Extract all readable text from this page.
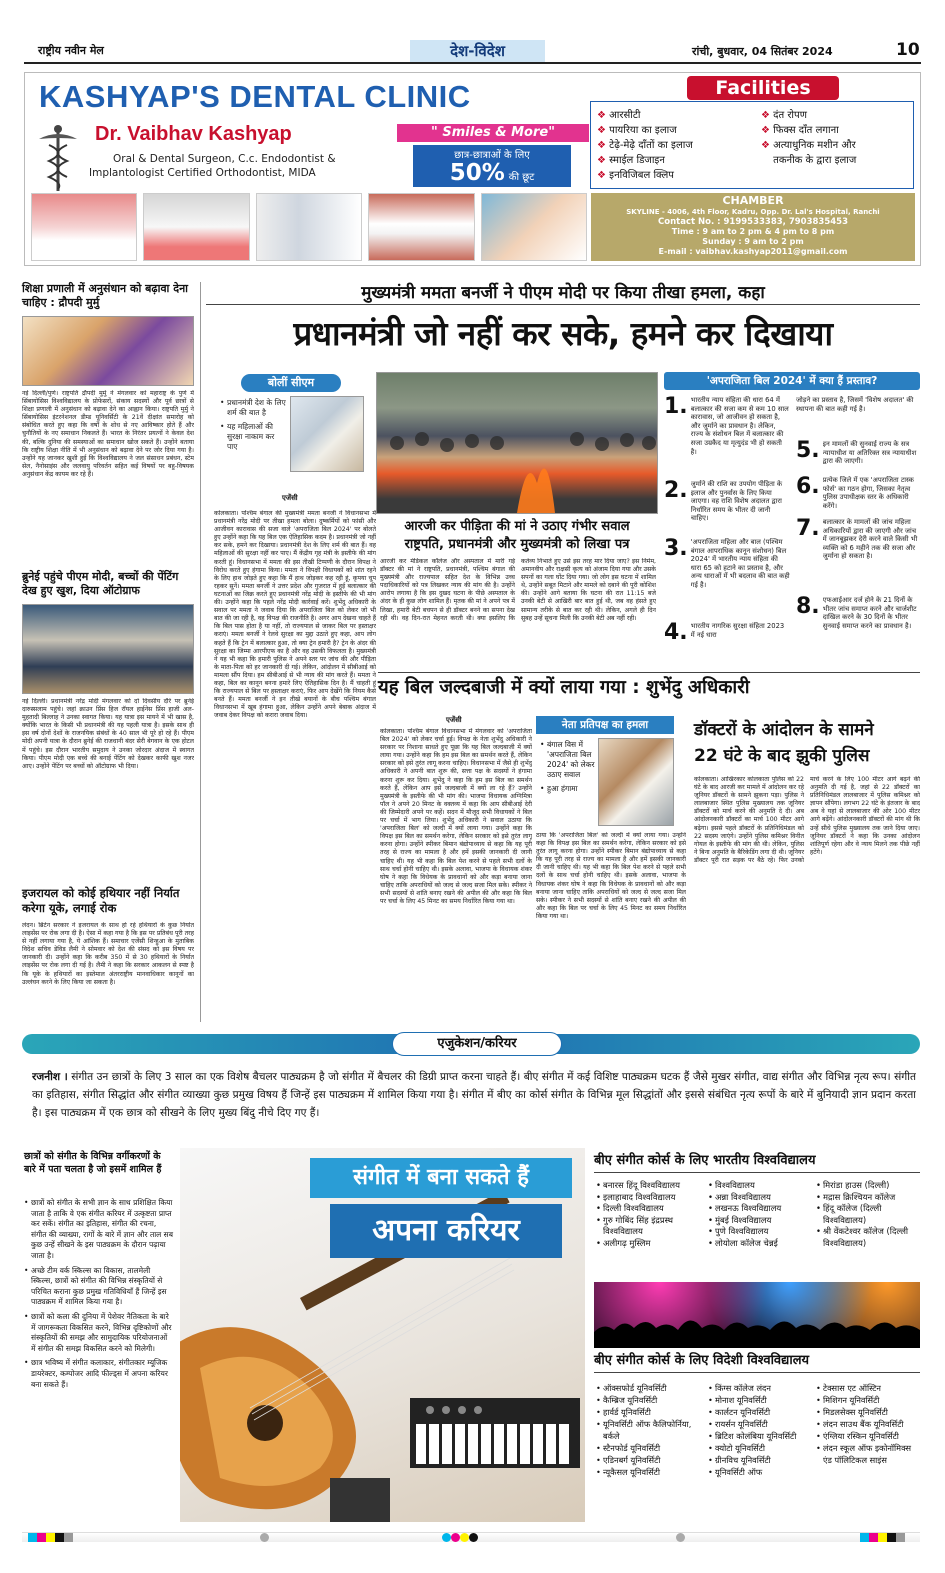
राष्ट्रीय नवीन मेल	देश-विदेश	रांची, बुधवार, 04 सितंबर 2024	10
KASHYAP'S DENTAL CLINIC
Dr. Vaibhav Kashyap
Oral & Dental Surgeon, C.c. Endodontist &
Implantologist Certified Orthodontist, MIDA
" Smiles & More"
छात्र-छात्राओं के लिए
50% की छूट
Facilities
❖ आरसीटी
❖ पायरिया का इलाज
❖ टेढ़े-मेढ़े दाँतों का इलाज
❖ स्माईल डिजाइन
❖ इनविजिबल क्लिप
❖ दंत रोपण
❖ फिक्स दाँत लगाना
❖ अत्याधुनिक मशीन और
❖ तकनीक के द्वारा इलाज
CHAMBER
SKYLINE - 4006, 4th Floor, Kadru, Opp. Dr. Lal's Hospital, Ranchi
Contact No. : 9199533383, 7903835453
Time : 9 am to 2 pm & 4 pm to 8 pm
Sunday : 9 am to 2 pm
E-mail : vaibhav.kashyap2011@gmail.com
शिक्षा प्रणाली में अनुसंधान को बढ़ावा देना चाहिए : द्रौपदी मुर्मु
नई दिल्ली/पुणे। राष्ट्रपति द्रौपदी मुर्मु ने मंगलवार को महाराष्ट्र के पुणे में सिंबायोसिस विश्वविद्यालय के प्रोफेसरों, संकाय सदस्यों और पूर्व छात्रों से शिक्षा प्रणाली में अनुसंधान को बढ़ावा देने का आह्वान किया। राष्ट्रपति मुर्मु ने सिंबायोसिस इंटरनेशनल डीम्ड यूनिवर्सिटी के 21वें दीक्षांत समारोह को संबोधित करते हुए कहा कि वर्षों के शोध से नए आविष्कार होते हैं और चुनौतियों के नए समाधान निकलते हैं। भारत के निरंतर प्रयत्नों ने केवल देश की, बल्कि दुनिया की समस्याओं का समाधान खोज सकते हैं। उन्होंने बताया कि राष्ट्रीय शिक्षा नीति में भी अनुसंधान को बढ़ावा देने पर जोर दिया गया है। उन्होंने यह जानकर खुशी हुई कि विश्वविद्यालय ने जल संसाधन प्रबंधन, स्टेम सेल, नैनोसाइंस और जलवायु परिवर्तन सहित कई विषयों पर बहु-विषयक अनुसंधान केंद्र कायम कर रहे हैं।
ब्रुनेई पहुंचे पीएम मोदी, बच्चों की पेंटिंग देख हुए खुश, दिया ऑटोग्राफ
नई दिल्ली। प्रधानमंत्री नरेंद्र मोदी मंगलवार को दो दिवसीय दौरे पर ब्रुनेई दारुस्सलाम पहुंचे। जहां क्राउन प्रिंस हिज रॉयल हाईनेस प्रिंस हाजी अल-मुहतादी बिल्लाह ने उनका स्वागत किया। यह यात्रा इस मायने में भी खास है, क्योंकि भारत के किसी भी प्रधानमंत्री की यह पहली यात्रा है। इसके साथ ही इस वर्ष दोनों देशों के राजनयिक संबंधों के 40 साल भी पूरे हो रहे हैं। पीएम मोदी अपनी यात्रा के दौरान ब्रुनेई की राजधानी बंदर सेरी बेगवान के एक होटल में पहुंचे। इस दौरान भारतीय समुदाय ने उनका जोरदार अंदाज में स्वागत किया। पीएम मोदी एक बच्चे की बनाई पेंटिंग को देखकर काफी खुश नजर आए। उन्होंने पेंटिंग पर बच्चों को ऑटोग्राफ भी दिया।
इजरायल को कोई हथियार नहीं निर्यात करेगा यूके, लगाई रोक
लंदन। ब्रिटेन सरकार ने इजरायल के साथ हो रहे हथियारों के कुछ निर्यात लाइसेंस पर रोक लगा दी है। ऐसा में कहा गया है कि इस पर प्रतिबंध पूरी तरह से नहीं लगाया गया है, ये आंशिक हैं। समाचार एजेंसी शिन्हुआ के मुताबिक विदेश सचिव डेविड लैमी ने सोमवार को देश की संसद को इस विषय पर जानकारी दी। उन्होंने कहा कि करीब 350 में से 30 हथियारों के निर्यात लाइसेंस पर रोक लगा दी गई है। लैमी ने कहा कि सरकार आकलन से स्पष्ट है कि यूके के हथियारों का इस्तेमाल अंतरराष्ट्रीय मानवाधिकार कानूनों का उल्लंघन करने के लिए किया जा सकता है।
मुख्यमंत्री ममता बनर्जी ने पीएम मोदी पर किया तीखा हमला, कहा
प्रधानमंत्री जो नहीं कर सके, हमने कर दिखाया
बोलीं सीएम
• प्रधानमंत्री देश के लिए शर्म की बात है
• यह महिलाओं की सुरक्षा नाकाम कर पाए
एजेंसी
कोलकाता। पश्चिम बंगाल की मुख्यमंत्री ममता बनर्जी ने विधानसभा में प्रधानमंत्री नरेंद्र मोदी पर तीखा हमला बोला। दुष्कर्मियों को फांसी और आजीवन कारावास की सजा वाले 'अपराजिता बिल 2024' पर बोलते हुए उन्होंने कहा कि यह बिल एक ऐतिहासिक कदम है। प्रधानमंत्री जो नहीं कर सके, हमने कर दिखाया। प्रधानमंत्री देश के लिए शर्म की बात हैं। वह महिलाओं की सुरक्षा नहीं कर पाए। मैं केंद्रीय गृह मंत्री के इस्तीफे की मांग करती हूं। विधानसभा में ममता की इस तीखी टिप्पणी के दौरान विपक्ष ने विरोध करते हुए हंगामा किया। ममता ने विपक्षी विधायकों को शांत रहने के लिए हाथ जोड़ते हुए कहा कि मैं हाथ जोड़कर कह रही हूं, कृपया चुप रहकर सुनें। ममता बनर्जी ने उत्तर प्रदेश और गुजरात में हुई बलात्कार की घटनाओं का जिक्र करते हुए प्रधानमंत्री नरेंद्र मोदी के इस्तीफे की भी मांग की। उन्होंने कहा कि पहले नरेंद्र मोदी कार्रवाई करें। शुभेंदु अधिकारी के सवाल पर ममता ने जवाब दिया कि अपराजिता बिल को लेकर जो भी बात की जा रही है, वह विपक्ष की राजनीति है। अगर आप देखना चाहते हैं कि बिल पास होता है या नहीं, तो राज्यपाल से जाकर बिल पर हस्ताक्षर कराएं। ममता बनर्जी ने रेलवे सुरक्षा का मुद्दा उठाते हुए कहा, आप लोग कहते हैं कि ट्रेन में बलात्कार हुआ, तो क्या ट्रेन हमारी है? ट्रेन के अंदर की सुरक्षा का जिम्मा आरपीएफ का है और वह उसकी विफलता है। मुख्यमंत्री ने यह भी कहा कि हमारी पुलिस ने अपने स्तर पर जांच की और पीड़िता के माता-पिता को हर जानकारी दी गई। लेकिन, आंदोलन में सीबीआई को मामला सौंप दिया। हम सीबीआई से भी न्याय की मांग करते हैं। ममता ने कहा, बिल का कानून बनना हमारे लिए ऐतिहासिक दिन है। मैं चाहती हूं कि राज्यपाल से बिल पर हस्ताक्षर कराएं, फिर आप देखेंगे कि नियम कैसे बनते हैं। ममता बनर्जी ने इन तीखे बयानों के बीच पश्चिम बंगाल विधानसभा में खूब हंगामा हुआ, लेकिन उन्होंने अपने बेबाक अंदाज में जवाब देकर विपक्ष को करारा जवाब दिया।
आरजी कर पीड़िता की मां ने उठाए गंभीर सवाल
राष्ट्रपति, प्रधानमंत्री और मुख्यमंत्री को लिखा पत्र
आरजी कर मेडिकल कॉलेज और अस्पताल में मारी गई डॉक्टर की मां ने राष्ट्रपति, प्रधानमंत्री, पश्चिम बंगाल की मुख्यमंत्री और राज्यपाल सहित देश के विभिन्न उच्च पदाधिकारियों को पत्र लिखकर न्याय की मांग की है। उन्होंने आरोप लगाया है कि इस दुखद घटना के पीछे अस्पताल के अंदर के ही कुछ लोग शामिल हैं। मृतक की मां ने अपने पत्र में लिखा, हमारी बेटी बचपन से ही डॉक्टर बनने का सपना देख रही थी। वह दिन-रात मेहनत करती थी। क्या इसलिए कि कर्तव्य निभाते हुए उसे इस तरह मार दिया जाए? इस निर्मम, अमानवीय और राक्षसी कृत्य को अंजाम दिया गया और उसके सपनों का गला घोंट दिया गया। जो लोग इस घटना में शामिल थे, उन्होंने सबूत मिटाने और मामले को दबाने की पूरी कोशिश की। उन्होंने आगे बताया कि घटना की रात 11:15 बजे उनकी बेटी से आखिरी बार बात हुई थी, जब वह हंसते हुए सामान्य तरीके से बात कर रही थी। लेकिन, अगले ही दिन सुबह उन्हें सूचना मिली कि उनकी बेटी अब नहीं रही।
'अपराजिता बिल 2024' में क्या हैं प्रस्ताव?
1. भारतीय न्याय संहिता की धारा 64 में बलात्कार की सजा कम से कम 10 साल कारावास, जो आजीवन हो सकता है, और जुर्माने का प्रावधान है। लेकिन, राज्य के संशोधन बिल में बलात्कार की सजा उम्रकैद या मृत्युदंड भी हो सकती है।
2. जुर्माने की राशि का उपयोग पीड़िता के इलाज और पुनर्वास के लिए किया जाएगा। वह राशि विशेष अदालत द्वारा निर्धारित समय के भीतर दी जानी चाहिए।
3. 'अपराजिता महिला और बाल (पश्चिम बंगाल आपराधिक कानून संशोधन) बिल 2024' में भारतीय न्याय संहिता की धारा 65 को हटाने का प्रस्ताव है, और अन्य धाराओं में भी बदलाव की बात कही गई है।
4. भारतीय नागरिक सुरक्षा संहिता 2023 में नई धारा
जोड़ने का प्रस्ताव है, जिसमें 'विशेष अदालत' की स्थापना की बात कही गई है।
5. इन मामलों की सुनवाई राज्य के सत्र न्यायाधीश या अतिरिक्त सत्र न्यायाधीश द्वारा की जाएगी।
6. प्रत्येक जिले में एक 'अपराजिता टास्क फोर्स' का गठन होगा, जिसका नेतृत्व पुलिस उपाधीक्षक स्तर के अधिकारी करेंगे।
7. बलात्कार के मामलों की जांच महिला अधिकारियों द्वारा की जाएगी और जांच में जानबूझकर देरी करने वाले किसी भी व्यक्ति को 6 महीने तक की सजा और जुर्माना हो सकता है।
8. एफआईआर दर्ज होने के 21 दिनों के भीतर जांच समाप्त करने और चार्जशीट दाखिल करने के 30 दिनों के भीतर सुनवाई समाप्त करने का प्रावधान है।
यह बिल जल्दबाजी में क्यों लाया गया : शुभेंदु अधिकारी
एजेंसी
कोलकाता। पश्चिम बंगाल विधानसभा में मंगलवार को 'अपराजिता बिल 2024' को लेकर चर्चा हुई। विपक्ष के नेता शुभेंदु अधिकारी ने सरकार पर निशाना साधते हुए पूछा कि यह बिल जल्दबाजी में क्यों लाया गया। उन्होंने कहा कि हम इस बिल का समर्थन करते हैं, लेकिन सरकार को इसे तुरंत लागू करना चाहिए। विधानसभा में जैसे ही शुभेंदु अधिकारी ने अपनी बात शुरू की, सत्ता पक्ष के सदस्यों ने हंगामा करना शुरू कर दिया। शुभेंदु ने कहा कि हम इस बिल का समर्थन करते हैं, लेकिन आप इसे जल्दबाजी में क्यों ला रहे हैं? उन्होंने मुख्यमंत्री के इस्तीफे की भी मांग की। भाजपा विधायक अग्निमित्रा पॉल ने अपने 20 मिनट के वक्तव्य में कहा कि आप सीबीआई देरी की जिम्मेदारी अपने पर कहें। सदन में मौजूद सभी विधायकों ने बिल पर चर्चा में भाग लिया। शुभेंदु अधिकारी ने सवाल उठाया कि 'अपराजिता बिल' को जल्दी में क्यों लाया गया। उन्होंने कहा कि विपक्ष इस बिल का समर्थन करेगा, लेकिन सरकार को इसे तुरंत लागू करना होगा। उन्होंने स्पीकर बिमान बंद्योपाध्याय से कहा कि यह पूरी तरह से राज्य का मामला है और हमें इसकी जानकारी दी जानी चाहिए थी। यह भी कहा कि बिल पेश करने से पहले सभी दलों के साथ चर्चा होनी चाहिए थी। इसके अलावा, भाजपा के विधायक शंकर घोष ने कहा कि विधेयक के प्रावधानों को और कड़ा बनाया जाना चाहिए ताकि अपराधियों को जल्द से जल्द सजा मिल सके। स्पीकर ने सभी सदस्यों से शांति बनाए रखने की अपील की और कहा कि बिल पर चर्चा के लिए 45 मिनट का समय निर्धारित किया गया था।
नेता प्रतिपक्ष का हमला
• बंगाल विस में 'अपराजिता बिल 2024' को लेकर उठाए सवाल
• हुआ हंगामा
ठाया कि 'अपराजिता बिल' को जल्दी में क्यों लाया गया। उन्होंने कहा कि विपक्ष इस बिल का समर्थन करेगा, लेकिन सरकार को इसे तुरंत लागू करना होगा। उन्होंने स्पीकर बिमान बंद्योपाध्याय से कहा कि यह पूरी तरह से राज्य का मामला है और हमें इसकी जानकारी दी जानी चाहिए थी। यह भी कहा कि बिल पेश करने से पहले सभी दलों के साथ चर्चा होनी चाहिए थी। इसके अलावा, भाजपा के विधायक शंकर घोष ने कहा कि विधेयक के प्रावधानों को और कड़ा बनाया जाना चाहिए ताकि अपराधियों को जल्द से जल्द सजा मिल सके। स्पीकर ने सभी सदस्यों से शांति बनाए रखने की अपील की और कहा कि बिल पर चर्चा के लिए 45 मिनट का समय निर्धारित किया गया था।
डॉक्टरों के आंदोलन के सामने
22 घंटे के बाद झुकी पुलिस
कोलकाता। आखिरकार कोलकाता पुलिस को 22 घंटे के बाद आरजी कर मामले में आंदोलन कर रहे जूनियर डॉक्टरों के सामने झुकना पड़ा। पुलिस ने लालबाजार स्थित पुलिस मुख्यालय तक जूनियर डॉक्टरों को मार्च करने की अनुमति दे दी। अब आंदोलनकारी डॉक्टरों का मार्च 100 मीटर आगे बढ़ेगा। इससे पहले डॉक्टरों के प्रतिनिधिमंडल को 22 सदस्य जाएंगे। उन्होंने पुलिस कमिश्नर विनीत गोयल के इस्तीफे की मांग की थी। लेकिन, पुलिस ने बिना अनुमति के बैरिकेडिंग लगा दी थी। जूनियर डॉक्टर पूरी रात सड़क पर बैठे रहे। फिर उनको मार्च करने के लिए 100 मीटर आगे बढ़ने की अनुमति दी गई है, जहां से 22 डॉक्टरों का प्रतिनिधिमंडल लालबाजार में पुलिस कमिश्नर को ज्ञापन सौंपेगा। लगभग 22 घंटे के इंतजार के बाद अब वे यहां से लालबाजार की ओर 100 मीटर आगे बढ़ेंगे। आंदोलनकारी डॉक्टरों की मांग थी कि उन्हें सीधे पुलिस मुख्यालय तक जाने दिया जाए। जूनियर डॉक्टरों ने कहा कि उनका आंदोलन शांतिपूर्ण रहेगा और वे न्याय मिलने तक पीछे नहीं हटेंगे।
एजुकेशन/करियर
रजनीश । संगीत उन छात्रों के लिए 3 साल का एक विशेष बैचलर पाठ्यक्रम है जो संगीत में बैचलर की डिग्री प्राप्त करना चाहते हैं। बीए संगीत में कई विशिष्ट पाठ्यक्रम घटक हैं जैसे मुखर संगीत, वाद्य संगीत और विभिन्न नृत्य रूप। संगीत का इतिहास, संगीत सिद्धांत और संगीत व्याख्या कुछ प्रमुख विषय हैं जिन्हें इस पाठ्यक्रम में शामिल किया गया है। संगीत में बीए का कोर्स संगीत के विभिन्न मूल सिद्धांतों और इससे संबंधित नृत्य रूपों के बारे में बुनियादी ज्ञान प्रदान करता है। इस पाठ्यक्रम में एक छात्र को सीखने के लिए मुख्य बिंदु नीचे दिए गए हैं।
छात्रों को संगीत के विभिन्न वर्गीकरणों के बारे में पता चलता है जो इसमें शामिल हैं
• छात्रों को संगीत के सभी ज्ञान के साथ प्रशिक्षित किया जाता है ताकि वे एक संगीत करियर में उत्कृष्टता प्राप्त कर सकें। संगीत का इतिहास, संगीत की रचना, संगीत की व्याख्या, रागों के बारे में ज्ञान और ताल सब कुछ उन्हें सीखने के इस पाठ्यक्रम के दौरान पढ़ाया जाता है।
• अच्छे टीम वर्क स्किल्स का विकास, तालमेली स्किल्स, छात्रों को संगीत की विभिन्न संस्कृतियों से परिचित कराना कुछ प्रमुख गतिविधियाँ हैं जिन्हें इस पाठ्यक्रम में शामिल किया गया है।
• छात्रों को कला की दुनिया में पेशेवर नैतिकता के बारे में जागरूकता विकसित करने, विभिन्न दृष्टिकोणों और संस्कृतियों की समझ और सामुदायिक परियोजनाओं में संगीत की समझ विकसित करने को मिलेगी।
• छात्र भविष्य में संगीत कलाकार, संगीतकार म्यूजिक डायरेक्टर, कम्पोजर आदि फील्ड्स में अपना करियर बना सकते हैं।
संगीत में बना सकते हैं
अपना करियर
बीए संगीत कोर्स के लिए भारतीय विश्वविद्यालय
• बनारस हिंदू विश्वविद्यालय
• इलाहाबाद विश्वविद्यालय
• दिल्ली विश्वविद्यालय
• गुरु गोबिंद सिंह इंद्रप्रस्थ विश्वविद्यालय
• अलीगढ़ मुस्लिम
• विश्वविद्यालय
• अन्ना विश्वविद्यालय
• लखनऊ विश्वविद्यालय
• मुंबई विश्वविद्यालय
• पुणे विश्वविद्यालय
• लोयोला कॉलेज चेन्नई
• मिरांडा हाउस (दिल्ली)
• मद्रास क्रिश्चियन कॉलेज
• हिंदू कॉलेज (दिल्ली विश्वविद्यालय)
• श्री वेंकटेश्वर कॉलेज (दिल्ली विश्वविद्यालय)
बीए संगीत कोर्स के लिए विदेशी विश्वविद्यालय
• ऑक्सफोर्ड यूनिवर्सिटी
• कैम्ब्रिज यूनिवर्सिटी
• हार्वर्ड यूनिवर्सिटी
• यूनिवर्सिटी ऑफ कैलिफोर्निया, बर्कले
• स्टैनफोर्ड यूनिवर्सिटी
• एडिनबर्ग यूनिवर्सिटी
• न्यूकैसल यूनिवर्सिटी
• किंग्स कॉलेज लंदन
• मोनाश यूनिवर्सिटी
• कार्लटन यूनिवर्सिटी
• रायर्सन यूनिवर्सिटी
• ब्रिटिश कोलंबिया यूनिवर्सिटी
• क्योटो यूनिवर्सिटी
• ग्रीनविच यूनिवर्सिटी
• यूनिवर्सिटी ऑफ
• टेक्सास एट ऑस्टिन
• मिशिगन यूनिवर्सिटी
• मिडलसेक्स यूनिवर्सिटी
• लंदन साउथ बैंक यूनिवर्सिटी
• एंग्लिया रस्किन यूनिवर्सिटी
• लंदन स्कूल ऑफ इकोनॉमिक्स एंड पॉलिटिकल साइंस
